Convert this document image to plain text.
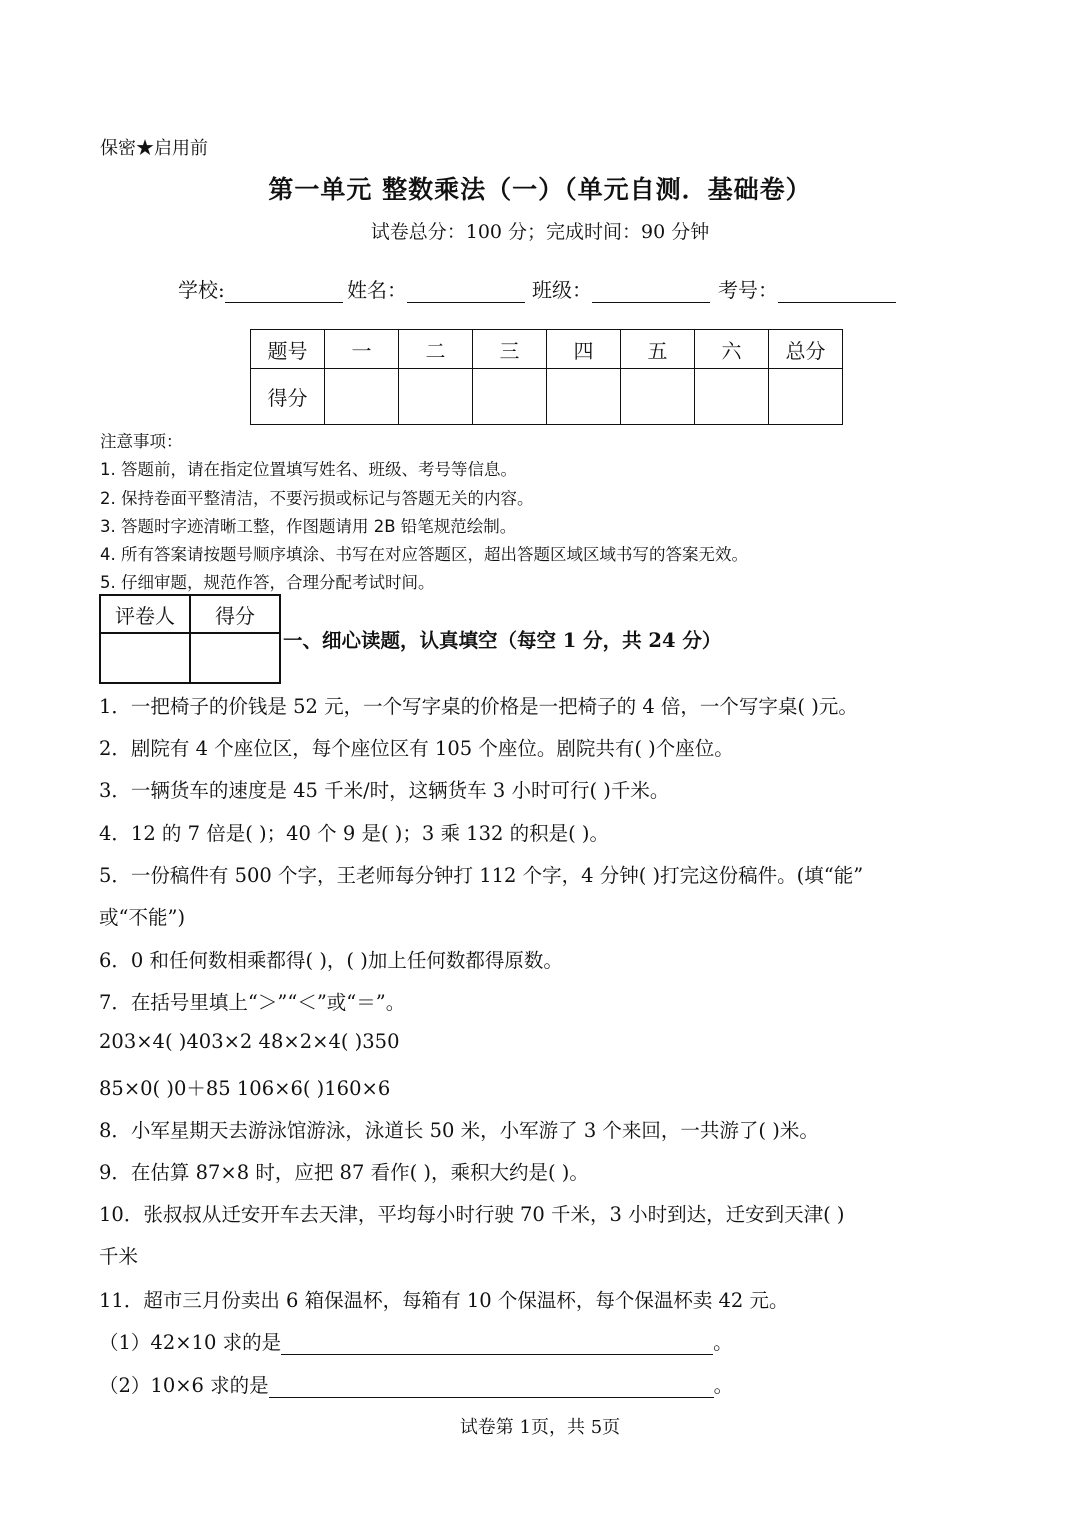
保密★启用前
第一单元 整数乘法（一）（单元自测．基础卷）
试卷总分：100 分；完成时间：90 分钟
学校:	姓名：	班级：	考号：
题号	一	二	三	四	五	六	总分
得分							
注意事项：
1. 答题前，请在指定位置填写姓名、班级、考号等信息。
2. 保持卷面平整清洁，不要污损或标记与答题无关的内容。
3. 答题时字迹清晰工整，作图题请用 2B 铅笔规范绘制。
4. 所有答案请按题号顺序填涂、书写在对应答题区，超出答题区域区域书写的答案无效。
5. 仔细审题，规范作答，合理分配考试时间。
评卷人	得分

一、细心读题，认真填空（每空 1 分，共 24 分）
1．一把椅子的价钱是 52 元，一个写字桌的价格是一把椅子的 4 倍，一个写字桌( )元。
2．剧院有 4 个座位区，每个座位区有 105 个座位。剧院共有( )个座位。
3．一辆货车的速度是 45 千米/时，这辆货车 3 小时可行( )千米。
4．12 的 7 倍是( )；40 个 9 是( )；3 乘 132 的积是( )。
5．一份稿件有 500 个字，王老师每分钟打 112 个字，4 分钟( )打完这份稿件。(填“能”
或“不能”)
6．0 和任何数相乘都得( )，( )加上任何数都得原数。
7．在括号里填上“＞”“＜”或“＝”。
203×4( )403×2 48×2×4( )350
85×0( )0＋85 106×6( )160×6
8．小军星期天去游泳馆游泳，泳道长 50 米，小军游了 3 个来回，一共游了( )米。
9．在估算 87×8 时，应把 87 看作( )，乘积大约是( )。
10．张叔叔从迁安开车去天津，平均每小时行驶 70 千米，3 小时到达，迁安到天津( )
千米
11．超市三月份卖出 6 箱保温杯，每箱有 10 个保温杯，每个保温杯卖 42 元。
（1）42×10 求的是	。
（2）10×6 求的是	。
试卷第 1页，共 5页
